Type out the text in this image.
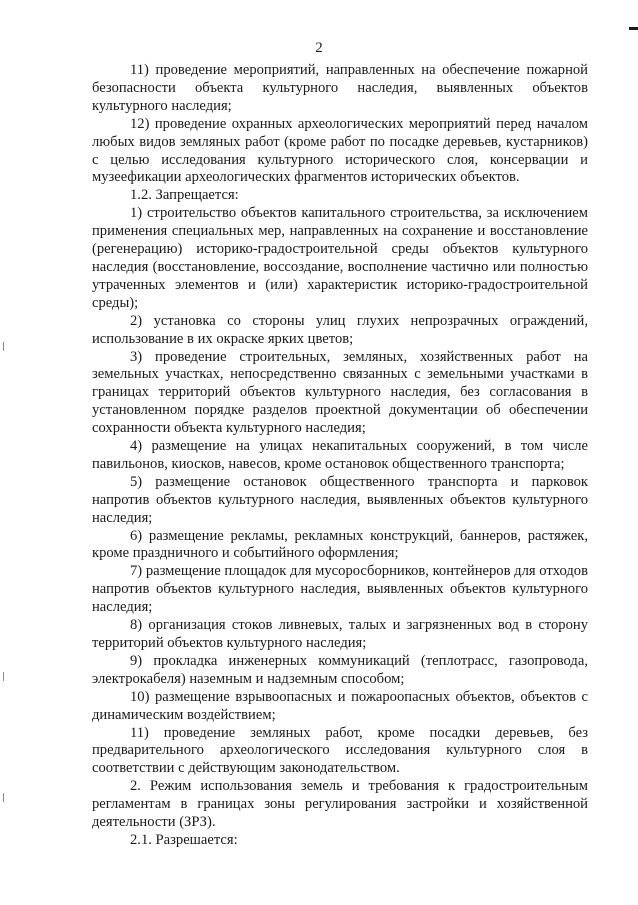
2

11) проведение мероприятий, направленных на обеспечение пожарной безопасности объекта культурного наследия, выявленных объектов культурного наследия;

12) проведение охранных археологических мероприятий перед началом любых видов земляных работ (кроме работ по посадке деревьев, кустарников) с целью исследования культурного исторического слоя, консервации и музеефикации археологических фрагментов исторических объектов.

1.2. Запрещается:

1) строительство объектов капитального строительства, за исключением применения специальных мер, направленных на сохранение и восстановление (регенерацию) историко-градостроительной среды объектов культурного наследия (восстановление, воссоздание, восполнение частично или полностью утраченных элементов и (или) характеристик историко-градостроительной среды);

2) установка со стороны улиц глухих непрозрачных ограждений, использование в их окраске ярких цветов;

3) проведение строительных, земляных, хозяйственных работ на земельных участках, непосредственно связанных с земельными участками в границах территорий объектов культурного наследия, без согласования в установленном порядке разделов проектной документации об обеспечении сохранности объекта культурного наследия;

4) размещение на улицах некапитальных сооружений, в том числе павильонов, киосков, навесов, кроме остановок общественного транспорта;

5) размещение остановок общественного транспорта и парковок напротив объектов культурного наследия, выявленных объектов культурного наследия;

6) размещение рекламы, рекламных конструкций, баннеров, растяжек, кроме праздничного и событийного оформления;

7) размещение площадок для мусоросборников, контейнеров для отходов напротив объектов культурного наследия, выявленных объектов культурного наследия;

8) организация стоков ливневых, талых и загрязненных вод в сторону территорий объектов культурного наследия;

9) прокладка инженерных коммуникаций (теплотрасс, газопровода, электрокабеля) наземным и надземным способом;

10) размещение взрывоопасных и пожароопасных объектов, объектов с динамическим воздействием;

11) проведение земляных работ, кроме посадки деревьев, без предварительного археологического исследования культурного слоя в соответствии с действующим законодательством.

2. Режим использования земель и требования к градостроительным регламентам в границах зоны регулирования застройки и хозяйственной деятельности (ЗРЗ).

2.1. Разрешается:
